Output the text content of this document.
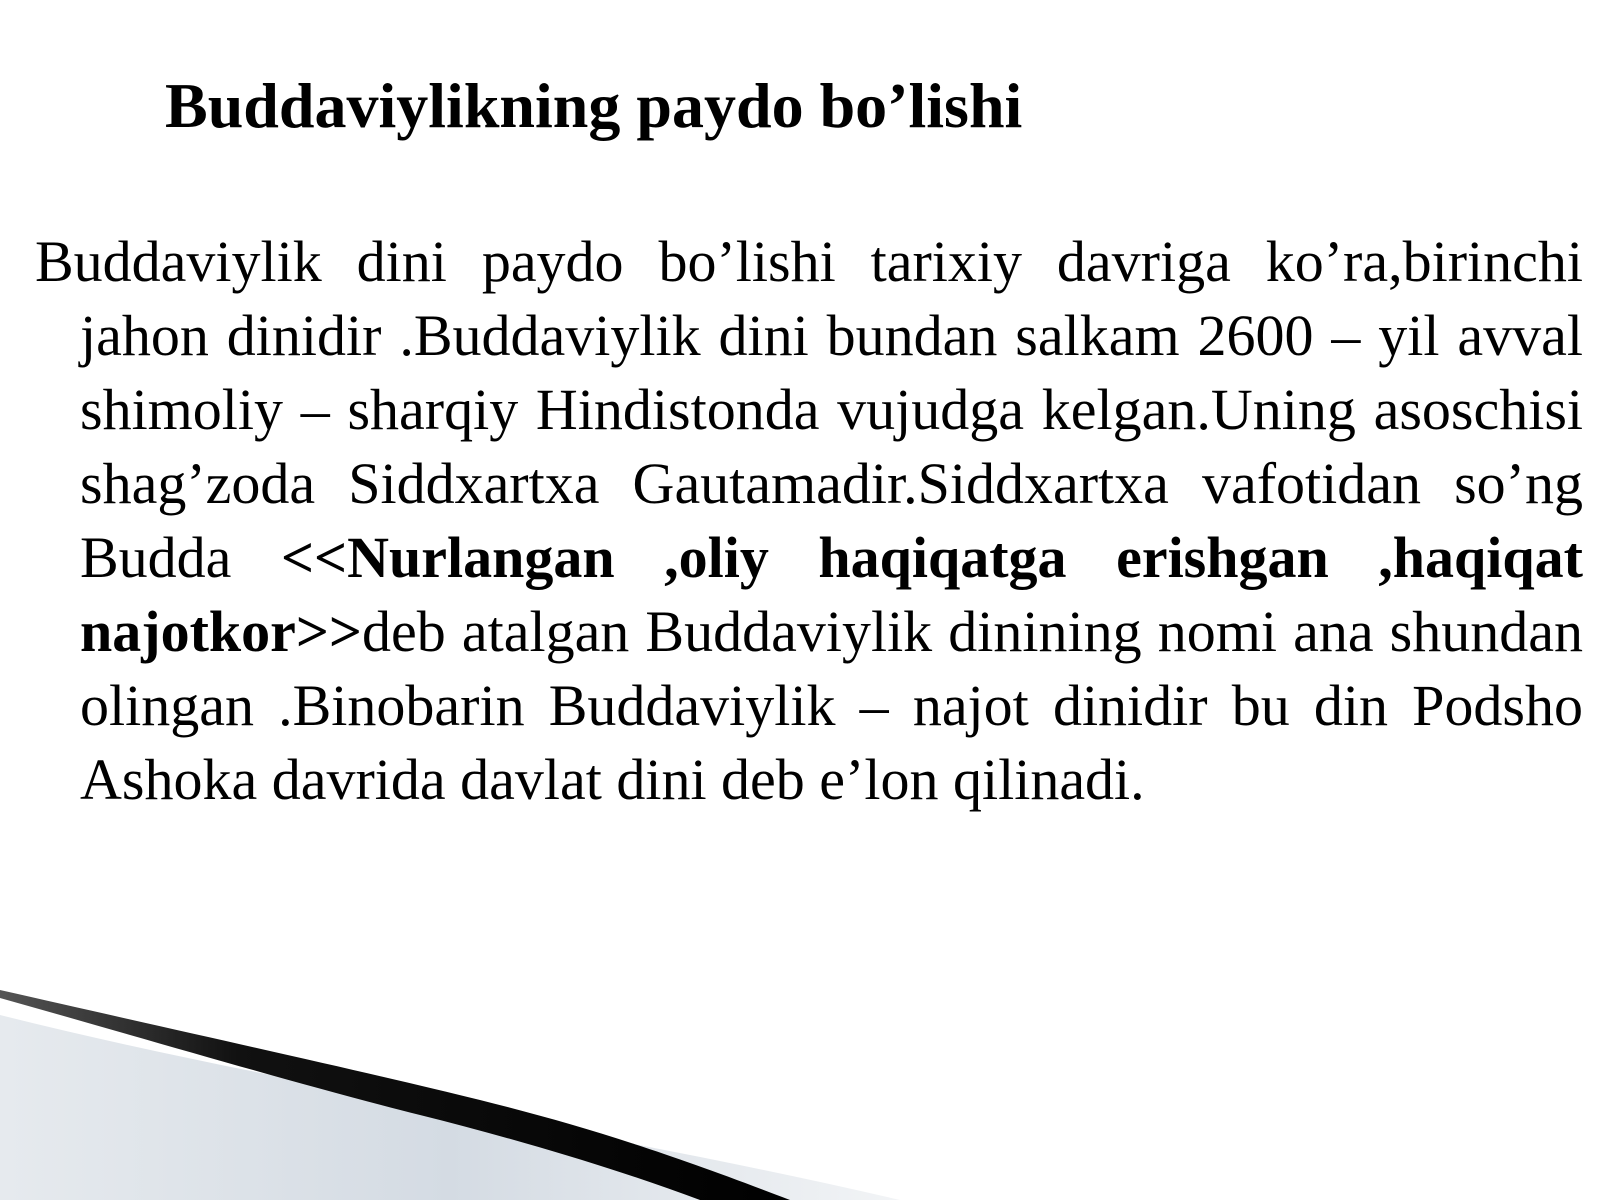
Buddaviylikning paydo bo’lishi

Buddaviylik dini paydo bo’lishi tarixiy davriga ko’ra,birinchi jahon dinidir .Buddaviylik dini bundan salkam 2600 – yil avval shimoliy – sharqiy Hindistonda vujudga kelgan.Uning asoschisi shag’zoda Siddxartxa Gautamadir.Siddxartxa vafotidan so’ng Budda <<Nurlangan ,oliy haqiqatga erishgan ,haqiqat najotkor>>deb atalgan Buddaviylik dinining nomi ana shundan olingan .Binobarin Buddaviylik – najot dinidir bu din Podsho Ashoka davrida davlat dini deb e’lon qilinadi.
